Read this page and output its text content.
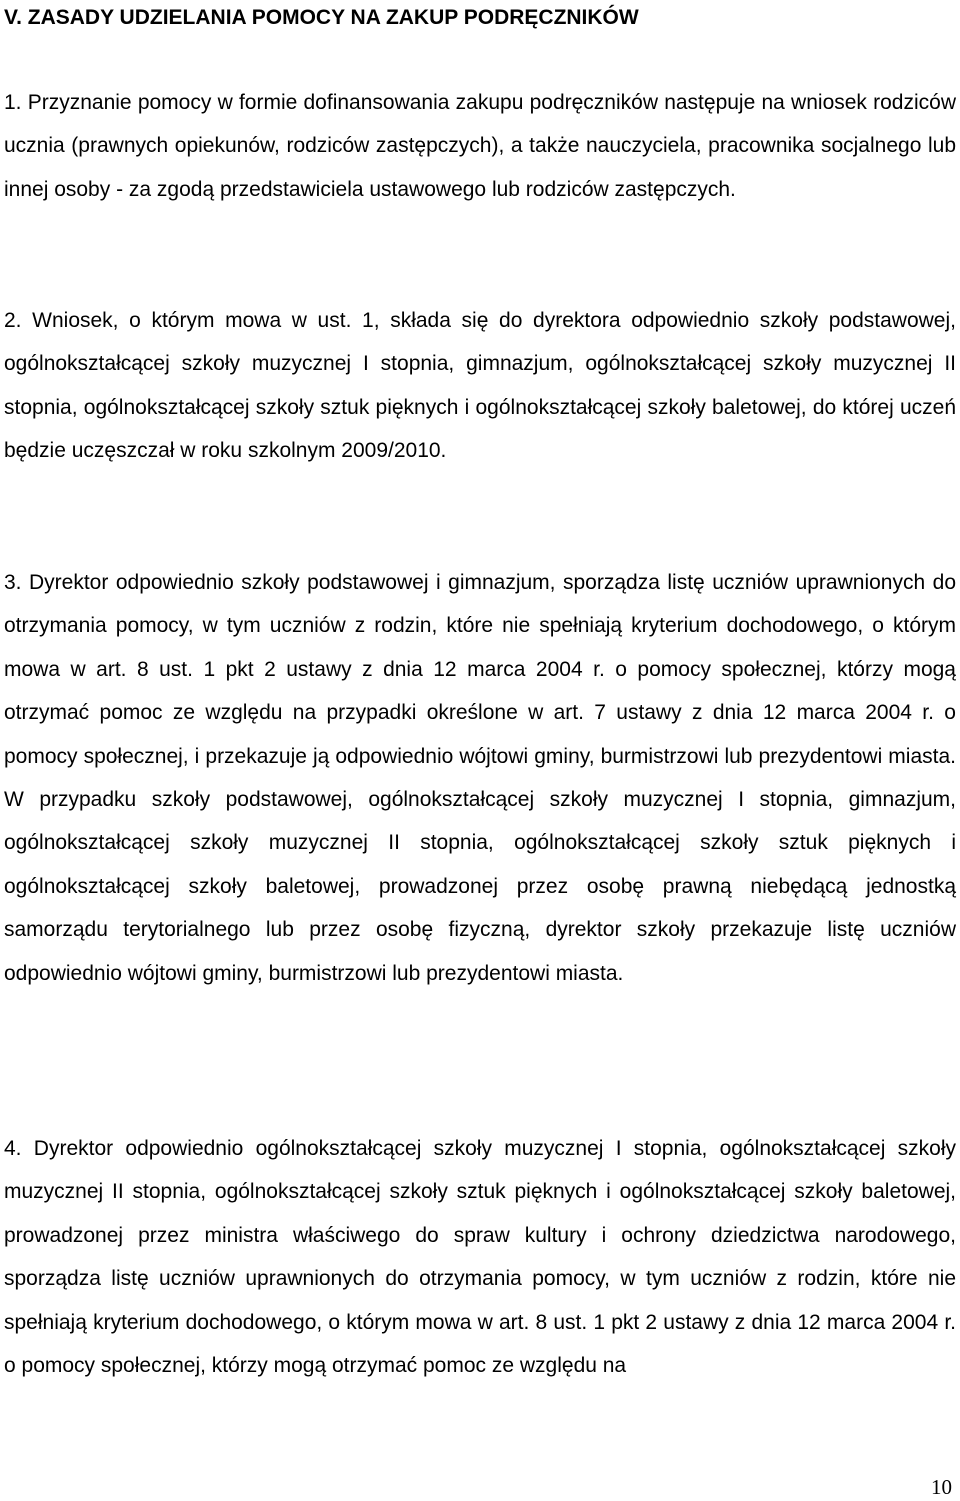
V. ZASADY UDZIELANIA POMOCY NA ZAKUP PODRĘCZNIKÓW

1. Przyznanie pomocy w formie dofinansowania zakupu podręczników następuje na wniosek rodziców ucznia (prawnych opiekunów, rodziców zastępczych), a także nauczyciela, pracownika socjalnego lub innej osoby - za zgodą przedstawiciela ustawowego lub rodziców zastępczych.

2. Wniosek, o którym mowa w ust. 1, składa się do dyrektora odpowiednio szkoły podstawowej, ogólnokształcącej szkoły muzycznej I stopnia, gimnazjum, ogólnokształcącej szkoły muzycznej II stopnia, ogólnokształcącej szkoły sztuk pięknych i ogólnokształcącej szkoły baletowej, do której uczeń będzie uczęszczał w roku szkolnym 2009/2010.

3. Dyrektor odpowiednio szkoły podstawowej i gimnazjum, sporządza listę uczniów uprawnionych do otrzymania pomocy, w tym uczniów z rodzin, które nie spełniają kryterium dochodowego, o którym mowa w art. 8 ust. 1 pkt 2 ustawy z dnia 12 marca 2004 r. o pomocy społecznej, którzy mogą otrzymać pomoc ze względu na przypadki określone w art. 7 ustawy z dnia 12 marca 2004 r. o pomocy społecznej, i przekazuje ją odpowiednio wójtowi gminy, burmistrzowi lub prezydentowi miasta. W przypadku szkoły podstawowej, ogólnokształcącej szkoły muzycznej I stopnia, gimnazjum, ogólnokształcącej szkoły muzycznej II stopnia, ogólnokształcącej szkoły sztuk pięknych i ogólnokształcącej szkoły baletowej, prowadzonej przez osobę prawną niebędącą jednostką samorządu terytorialnego lub przez osobę fizyczną, dyrektor szkoły przekazuje listę uczniów odpowiednio wójtowi gminy, burmistrzowi lub prezydentowi miasta.

4. Dyrektor odpowiednio ogólnokształcącej szkoły muzycznej I stopnia, ogólnokształcącej szkoły muzycznej II stopnia, ogólnokształcącej szkoły sztuk pięknych i ogólnokształcącej szkoły baletowej, prowadzonej przez ministra właściwego do spraw kultury i ochrony dziedzictwa narodowego, sporządza listę uczniów uprawnionych do otrzymania pomocy, w tym uczniów z rodzin, które nie spełniają kryterium dochodowego, o którym mowa w art. 8 ust. 1 pkt 2 ustawy z dnia 12 marca 2004 r. o pomocy społecznej, którzy mogą otrzymać pomoc ze względu na

10
